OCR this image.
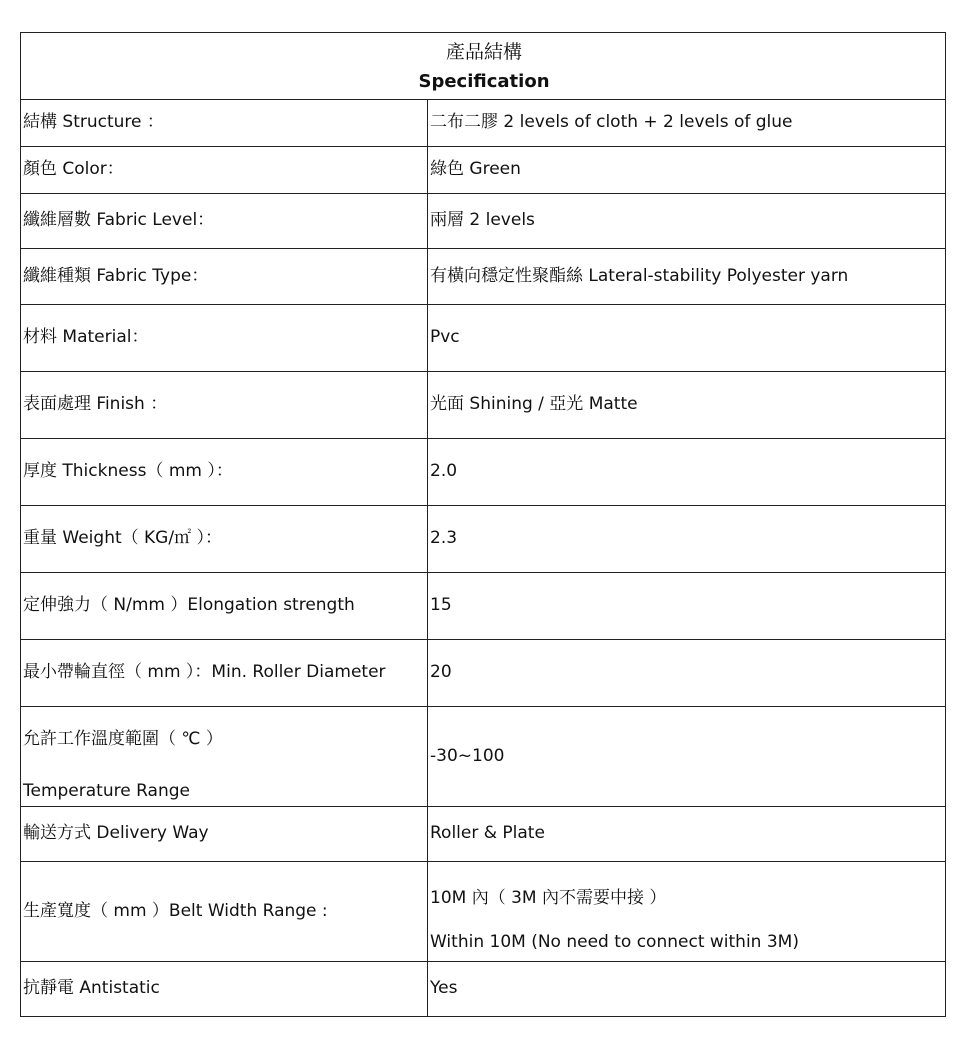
產品結構
Specification	

結構 Structure ：	二布二膠 2 levels of cloth + 2 levels of glue
顏色 Color：	綠色 Green
纖維層數 Fabric Level：	兩層 2 levels
纖維種類 Fabric Type：	有橫向穩定性聚酯絲 Lateral-stability Polyester yarn
材料 Material：	Pvc
表面處理 Finish ：	光面 Shining / 亞光 Matte
厚度 Thickness（ mm ）：	2.0
重量 Weight（ KG/㎡ ）：	2.3
定伸強力（ N/mm ）Elongation strength	15
最小帶輪直徑（ mm ）：Min. Roller Diameter	20

允許工作溫度範圍（ ℃ ）
Temperature Range	-30~100
輸送方式 Delivery Way	Roller & Plate
生產寬度（ mm ）Belt Width Range :	10M 內（ 3M 內不需要中接 ）
Within 10M (No need to connect within 3M)

抗靜電 Antistatic	Yes
